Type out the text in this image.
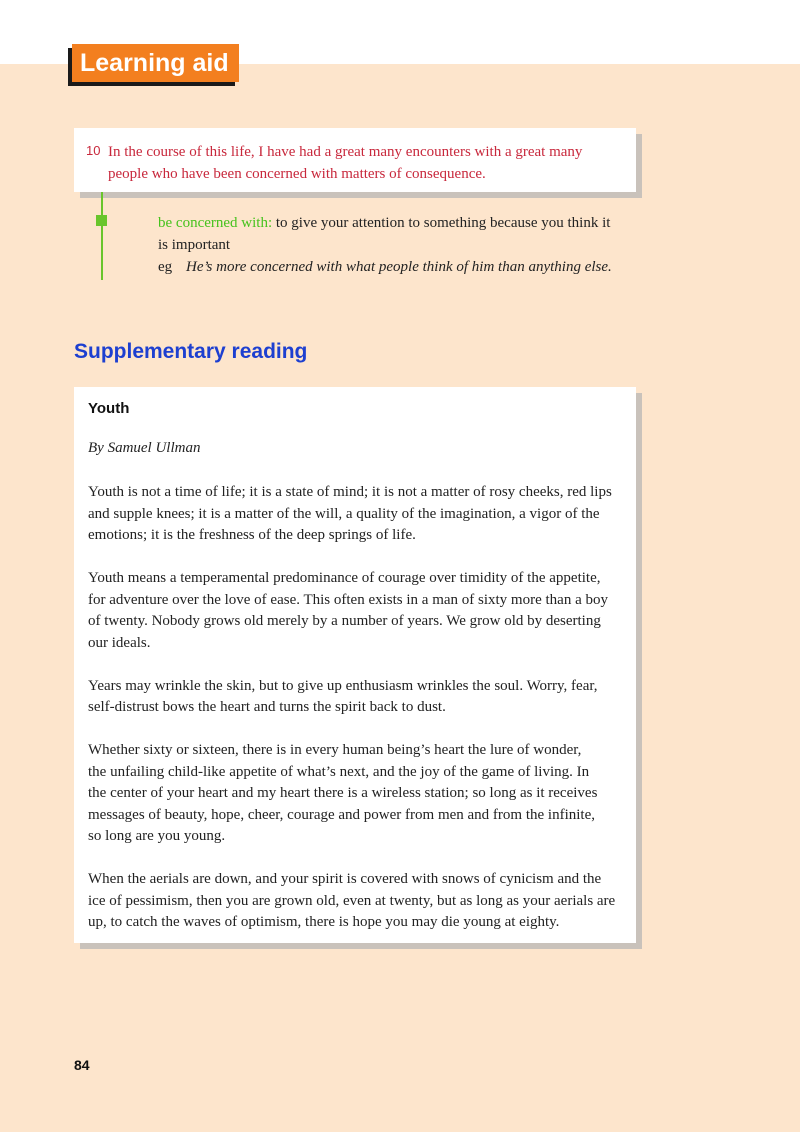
Learning aid
10 In the course of this life, I have had a great many encounters with a great many
people who have been concerned with matters of consequence.
be concerned with: to give your attention to something because you think it
is important
eg He’s more concerned with what people think of him than anything else.
Supplementary reading
Youth
By Samuel Ullman

Youth is not a time of life; it is a state of mind; it is not a matter of rosy cheeks, red lips
and supple knees; it is a matter of the will, a quality of the imagination, a vigor of the
emotions; it is the freshness of the deep springs of life.

Youth means a temperamental predominance of courage over timidity of the appetite,
for adventure over the love of ease. This often exists in a man of sixty more than a boy
of twenty. Nobody grows old merely by a number of years. We grow old by deserting
our ideals.

Years may wrinkle the skin, but to give up enthusiasm wrinkles the soul. Worry, fear,
self-distrust bows the heart and turns the spirit back to dust.

Whether sixty or sixteen, there is in every human being’s heart the lure of wonder,
the unfailing child-like appetite of what’s next, and the joy of the game of living. In
the center of your heart and my heart there is a wireless station; so long as it receives
messages of beauty, hope, cheer, courage and power from men and from the infinite,
so long are you young.

When the aerials are down, and your spirit is covered with snows of cynicism and the
ice of pessimism, then you are grown old, even at twenty, but as long as your aerials are
up, to catch the waves of optimism, there is hope you may die young at eighty.

84
